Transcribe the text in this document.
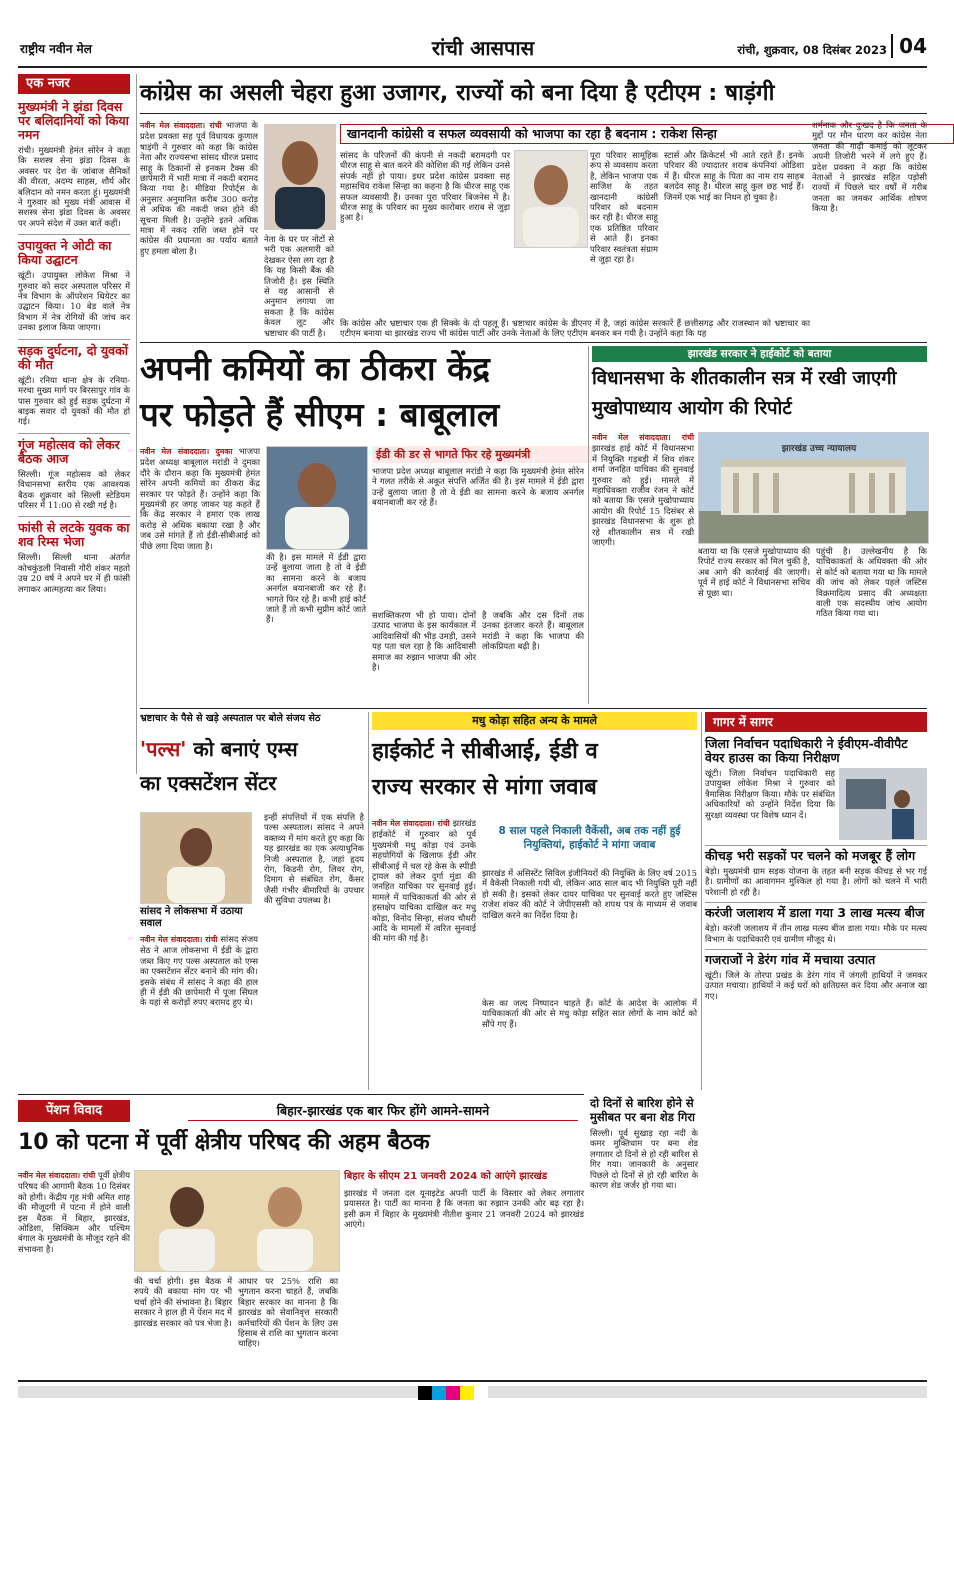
राष्ट्रीय नवीन मेल	रांची आसपास	रांची, शुक्रवार, 08 दिसंबर 2023 04
एक नजर
मुख्यमंत्री ने झंडा दिवस पर बलिदानियों को किया नमन
रांची। मुख्यमंत्री हेमंत सोरेन ने कहा कि सशस्त्र सेना झंडा दिवस के अवसर पर देश के जांबाज सैनिकों की वीरता, अदम्य साहस, शौर्य और बलिदान को नमन करता हूं। मुख्यमंत्री ने गुरुवार को मुख्य मंत्री आवास में सशस्त्र सेना झंडा दिवस के अवसर पर अपने संदेश में उक्त बातें कहीं।
उपायुक्त ने ओटी का किया उद्घाटन
खूंटी। उपायुक्त लोकेश मिश्रा ने गुरुवार को सदर अस्पताल परिसर में नेत्र विभाग के ऑपरेशन थियेटर का उद्घाटन किया। 10 बेड वाले नेत्र विभाग में नेत्र रोगियों की जांच कर उनका इलाज किया जाएगा।
सड़क दुर्घटना, दो युवकों की मौत
खूंटी। रनिया थाना क्षेत्र के रनिया-मरचा मुख्य मार्ग पर बिरसापुर गांव के पास गुरुवार को हुई सड़क दुर्घटना में बाइक सवार दो युवकों की मौत हो गई।
गूंज महोत्सव को लेकर बैठक आज
सिल्ली। गूंज महोत्सव को लेकर विधानसभा स्तरीय एक आवश्यक बैठक शुक्रवार को सिल्ली स्टेडियम परिसर में 11:00 से रखी गई है।
फांसी से लटके युवक का शव रिम्स भेजा
सिल्ली। सिल्ली थाना अंतर्गत कोचकुंडली निवासी गौरी शंकर महतो उम्र 20 वर्ष ने अपने घर में ही फांसी लगाकर आत्महत्या कर लिया।
कांग्रेस का असली चेहरा हुआ उजागर, राज्यों को बना दिया है एटीएम : षाड़ंगी
नवीन मेल संवाददाता। रांची भाजपा के प्रदेश प्रवक्ता सह पूर्व विधायक कुणाल षाड़ंगी ने गुरुवार को कहा कि कांग्रेस नेता और राज्यसभा सांसद धीरज प्रसाद साहू के ठिकानों से इनकम टैक्स की छापेमारी में भारी मात्रा में नकदी बरामद किया गया है। मीडिया रिपोर्ट्स के अनुसार अनुमानित करीब 300 करोड़ से अधिक की नकदी जब्त होने की सूचना मिली है। उन्होंने इतने अधिक मात्रा में नकद राशि जब्त होने पर कांग्रेस की प्रधानता का पर्याय बताते हुए हमला बोला है।
नेता के घर पर नोटों से भरी एक अलमारी को देखकर ऐसा लग रहा है कि यह किसी बैंक की तिजोरी है। इस स्थिति से यह आसानी से अनुमान लगाया जा सकता है कि कांग्रेस केवल लूट और भ्रष्टाचार की पार्टी है।
खानदानी कांग्रेसी व सफल व्यवसायी को भाजपा का रहा है बदनाम : राकेश सिन्हा
सांसद के परिजनों की कंपनी से नकदी बरामदगी पर धीरज साहू से बात करने की कोशिश की गई लेकिन उनसे संपर्क नहीं हो पाया। इधर प्रदेश कांग्रेस प्रवक्ता सह महासचिव राकेश सिन्हा का कहना है कि धीरज साहू एक सफल व्यवसायी हैं। उनका पूरा परिवार बिजनेस में है। धीरज साहू के परिवार का मुख्य कारोबार शराब से जुड़ा हुआ है।
पूरा परिवार सामूहिक रूप से व्यवसाय करता है, लेकिन भाजपा एक साजिश के तहत खानदानी कांग्रेसी परिवार को बदनाम कर रही है। धीरज साहू एक प्रतिष्ठित परिवार से आते हैं। इनका परिवार स्वतंत्रता संग्राम से जुड़ा रहा है।
स्टार्स और क्रिकेटर्स भी आते रहते हैं। इनके परिवार की ज्यादातर शराब कंपनियां ओडिशा में हैं। धीरज साहू के पिता का नाम राय साहब बलदेव साहू है। धीरज साहू कुल छह भाई हैं। जिनमें एक भाई का निधन हो चुका है।
शर्मनाक और दुःखद है कि जनता के मुद्दों पर मौन धारण कर कांग्रेस नेता जनता की गाढ़ी कमाई को लूटकर अपनी तिजोरी भरने में लगे हुए हैं। प्रदेश प्रवक्ता ने कहा कि कांग्रेस नेताओं ने झारखंड सहित पड़ोसी राज्यों में पिछले चार वर्षों में गरीब जनता का जमकर आर्थिक शोषण किया है।
कि कांग्रेस और भ्रष्टाचार एक ही सिक्के के दो पहलू हैं। भ्रष्टाचार कांग्रेस के डीएनए में है, जहां कांग्रेस सरकारें हैं छत्तीसगढ़ और राजस्थान को भ्रष्टाचार का एटीएम बनाया था झारखंड राज्य भी कांग्रेस पार्टी और उनके नेताओं के लिए एटीएम बनकर बन गयी है। उन्होंने कहा कि यह
अपनी कमियों का ठीकरा केंद्र
पर फोड़ते हैं सीएम : बाबूलाल
नवीन मेल संवाददाता। दुमका भाजपा प्रदेश अध्यक्ष बाबूलाल मरांडी ने दुमका दौरे के दौरान कहा कि मुख्यमंत्री हेमंत सोरेन अपनी कमियों का ठीकरा केंद्र सरकार पर फोड़ते हैं। उन्होंने कहा कि मुख्यमंत्री हर जगह जाकर यह कहते हैं कि केंद्र सरकार ने हमारा एक लाख करोड़ से अधिक बकाया रखा है और जब उसे मांगते हैं तो ईडी-सीबीआई को पीछे लगा दिया जाता है।
की है। इस मामले में ईडी द्वारा उन्हें बुलाया जाता है तो वे ईडी का सामना करने के बजाय अनर्गल बयानबाजी कर रहे हैं। भागते फिर रहे हैं। कभी हाई कोर्ट जाते हैं तो कभी सुप्रीम कोर्ट जाते हैं।
ईडी की डर से भागते फिर रहे मुख्यमंत्री
भाजपा प्रदेश अध्यक्ष बाबूलाल मरांडी ने कहा कि मुख्यमंत्री हेमंत सोरेन ने गलत तरीके से अकूत संपत्ति अर्जित की है। इस मामले में ईडी द्वारा उन्हें बुलाया जाता है तो वे ईडी का सामना करने के बजाय अनर्गल बयानबाजी कर रहे हैं।
सशक्तिकरण भी हो पाया। दोनों उत्पाद भाजपा के इस कार्यकाल में आदिवासियों की भीड़ उमड़ी, उसने यह पता चल रहा है कि आदिवासी समाज का रुझान भाजपा की ओर है।
है जबकि और दस दिनों तक उनका इंतजार करते हैं। बाबूलाल मरांडी ने कहा कि भाजपा की लोकप्रियता बढ़ी है।
झारखंड सरकार ने हाईकोर्ट को बताया
विधानसभा के शीतकालीन सत्र में रखी जाएगी मुखोपाध्याय आयोग की रिपोर्ट
नवीन मेल संवाददाता। रांची झारखंड हाई कोर्ट में विधानसभा में नियुक्ति गड़बड़ी में शिव शंकर शर्मा जनहित याचिका की सुनवाई गुरुवार को हुई। मामले में महाधिवक्ता राजीव रंजन ने कोर्ट को बताया कि एसजे मुखोपाध्याय आयोग की रिपोर्ट 15 दिसंबर से झारखंड विधानसभा के शुरू हो रहे शीतकालीन सत्र में रखी जाएगी।
झारखंड उच्च न्यायालय
बताया था कि एसजे मुखोपाध्याय की रिपोर्ट राज्य सरकार को मिल चुकी है, अब आगे की कार्रवाई की जाएगी। पूर्व में हाई कोर्ट ने विधानसभा सचिव से पूछा था।
पहुंची है। उल्लेखनीय है कि याचिकाकर्ता के अधिवक्ता की ओर से कोर्ट को बताया गया था कि मामले की जांच को लेकर पहले जस्टिस विक्रमादित्य प्रसाद की अध्यक्षता वाली एक सदस्यीय जांच आयोग गठित किया गया था।
भ्रष्टाचार के पैसे से खड़े अस्पताल पर बोले संजय सेठ
'पल्स' को बनाएं एम्स
का एक्सटेंशन सेंटर
सांसद ने लोकसभा में उठाया सवाल
नवीन मेल संवाददाता। रांची सांसद संजय सेठ ने आज लोकसभा में ईडी के द्वारा जब्त किए गए पल्स अस्पताल को एम्स का एक्सटेंशन सेंटर बनाने की मांग की। इसके संबंध में सांसद ने कहा की हाल ही में ईडी की छापेमारी में पूजा सिंघल के यहां से करोड़ों रुपए बरामद हुए थे।
इन्हीं संपत्तियों में एक संपत्ति है पल्स अस्पताल। सांसद ने अपने वक्तव्य में मांग करते हुए कहा कि यह झारखंड का एक अत्याधुनिक निजी अस्पताल है, जहां हृदय रोग, किडनी रोग, लिवर रोग, दिमाग से संबंधित रोग, कैंसर जैसी गंभीर बीमारियों के उपचार की सुविधा उपलब्ध है।
मधु कोड़ा सहित अन्य के मामले
हाईकोर्ट ने सीबीआई, ईडी व
राज्य सरकार से मांगा जवाब
नवीन मेल संवाददाता। रांची झारखंड हाईकोर्ट में गुरुवार को पूर्व मुख्यमंत्री मधु कोड़ा एवं उनके सहयोगियों के खिलाफ ईडी और सीबीआई में चल रहे केस के स्पीडी ट्रायल को लेकर दुर्गा मुंडा की जनहित याचिका पर सुनवाई हुई। मामले में याचिकाकर्ता की ओर से हस्तक्षेप याचिका दाखिल कर मधु कोड़ा, विनोद सिन्हा, संजय चौधरी आदि के मामलों में त्वरित सुनवाई की मांग की गई है।
8 साल पहले निकाली वैकेंसी, अब तक नहीं हुई नियुक्तियां, हाईकोर्ट ने मांगा जवाब
झारखंड में असिस्टेंट सिविल इंजीनियरों की नियुक्ति के लिए वर्ष 2015 में वैकेंसी निकाली गयी थी, लेकिन आठ साल बाद भी नियुक्ति पूरी नहीं हो सकी है। इसको लेकर दायर याचिका पर सुनवाई करते हुए जस्टिस राजेश शंकर की कोर्ट ने जेपीएससी को शपथ पत्र के माध्यम से जवाब दाखिल करने का निर्देश दिया है।
केस का जल्द निष्पादन चाहते हैं। कोर्ट के आदेश के आलोक में याचिकाकर्ता की ओर से मधु कोड़ा सहित सात लोगों के नाम कोर्ट को सौंपे गए हैं।
गागर में सागर
जिला निर्वाचन पदाधिकारी ने ईवीएम-वीवीपैट वेयर हाउस का किया निरीक्षण
खूंटी। जिला निर्वाचन पदाधिकारी सह उपायुक्त लोकेश मिश्रा ने गुरुवार को त्रैमासिक निरीक्षण किया। मौके पर संबंधित अधिकारियों को उन्होंने निर्देश दिया कि सुरक्षा व्यवस्था पर विशेष ध्यान दें।
कीचड़ भरी सड़कों पर चलने को मजबूर हैं लोग
बेड़ो। मुख्यमंत्री ग्राम सड़क योजना के तहत बनी सड़क कीचड़ से भर गई है। ग्रामीणों का आवागमन मुश्किल हो गया है। लोगों को चलने में भारी परेशानी हो रही है।
करंजी जलाशय में डाला गया 3 लाख मत्स्य बीज
बेड़ो। करंजी जलाशय में तीन लाख मत्स्य बीज डाला गया। मौके पर मत्स्य विभाग के पदाधिकारी एवं ग्रामीण मौजूद थे।
गजराजों ने डेरंग गांव में मचाया उत्पात
खूंटी। जिले के तोरपा प्रखंड के डेरंग गांव में जंगली हाथियों ने जमकर उत्पात मचाया। हाथियों ने कई घरों को क्षतिग्रस्त कर दिया और अनाज खा गए।
दो दिनों से बारिश होने से मुसीबत पर बना शेड गिरा
सिल्ली। पूर्व सुखाड़ रहा नदी के कमर मुक्तिधाम पर बना शेड लगातार दो दिनों से हो रही बारिश से गिर गया। जानकारी के अनुसार पिछले दो दिनों से हो रही बारिश के कारण शेड जर्जर हो गया था।
पेंशन विवाद	बिहार-झारखंड एक बार फिर होंगे आमने-सामने
10 को पटना में पूर्वी क्षेत्रीय परिषद की अहम बैठक
नवीन मेल संवाददाता। रांची पूर्वी क्षेत्रीय परिषद की आगामी बैठक 10 दिसंबर को होगी। केंद्रीय गृह मंत्री अमित शाह की मौजूदगी में पटना में होने वाली इस बैठक में बिहार, झारखंड, ओडिशा, सिक्किम और पश्चिम बंगाल के मुख्यमंत्री के मौजूद रहने की संभावना है।
की चर्चा होगी। इस बैठक में रुपये की बकाया मांग पर भी चर्चा होने की संभावना है। बिहार सरकार ने हाल ही में पेंशन मद में झारखंड सरकार को पत्र भेजा है।
आधार पर 25% राशि का भुगतान करना चाहते हैं, जबकि बिहार सरकार का मानना है कि झारखंड को सेवानिवृत्त सरकारी कर्मचारियों की पेंशन के लिए उस हिसाब से राशि का भुगतान करना चाहिए।
बिहार के सीएम 21 जनवरी 2024 को आएंगे झारखंड
झारखंड में जनता दल यूनाइटेड अपनी पार्टी के विस्तार को लेकर लगातार प्रयासरत है। पार्टी का मानना है कि जनता का रुझान उनकी ओर बढ़ रहा है। इसी क्रम में बिहार के मुख्यमंत्री नीतीश कुमार 21 जनवरी 2024 को झारखंड आएंगे।
